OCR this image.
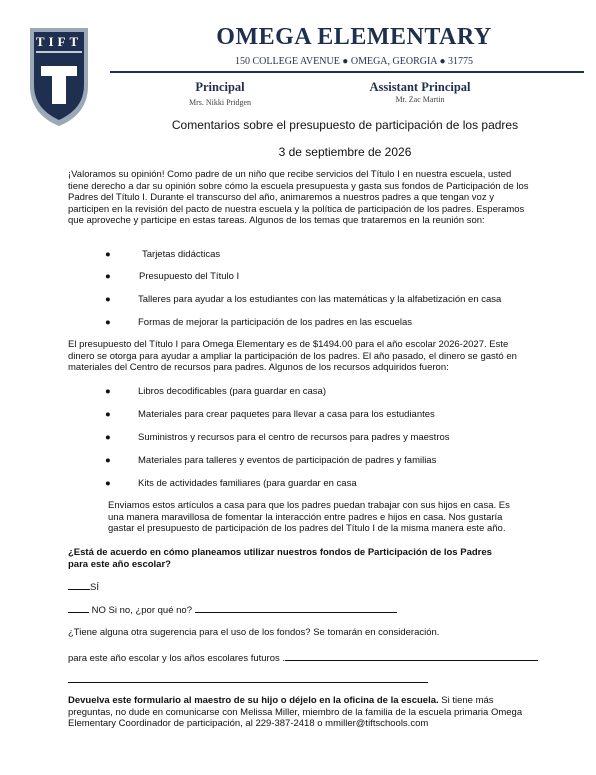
TIFT	OMEGA ELEMENTARY
150 COLLEGE AVENUE ● OMEGA, GEORGIA ● 31775
Principal
Mrs. Nikki Pridgen
Assistant Principal
Mr. Zac Martin
Comentarios sobre el presupuesto de participación de los padres
3 de septiembre de 2026
¡Valoramos su opinión! Como padre de un niño que recibe servicios del Título I en nuestra escuela, usted tiene derecho a dar su opinión sobre cómo la escuela presupuesta y gasta sus fondos de Participación de los Padres del Título I. Durante el transcurso del año, animaremos a nuestros padres a que tengan voz y participen en la revisión del pacto de nuestra escuela y la política de participación de los padres. Esperamos que aproveche y participe en estas tareas. Algunos de los temas que trataremos en la reunión son:
●	Tarjetas didácticas
●	Presupuesto del Título I
●	Talleres para ayudar a los estudiantes con las matemáticas y la alfabetización en casa
●	Formas de mejorar la participación de los padres en las escuelas
El presupuesto del Título I para Omega Elementary es de $1494.00 para el año escolar 2026-2027. Este dinero se otorga para ayudar a ampliar la participación de los padres. El año pasado, el dinero se gastó en materiales del Centro de recursos para padres. Algunos de los recursos adquiridos fueron:
●	Libros decodificables (para guardar en casa)
●	Materiales para crear paquetes para llevar a casa para los estudiantes
●	Suministros y recursos para el centro de recursos para padres y maestros
●	Materiales para talleres y eventos de participación de padres y familias
●	Kits de actividades familiares (para guardar en casa
Enviamos estos artículos a casa para que los padres puedan trabajar con sus hijos en casa. Es una manera maravillosa de fomentar la interacción entre padres e hijos en casa. Nos gustaría gastar el presupuesto de participación de los padres del Título I de la misma manera este año.
¿Está de acuerdo en cómo planeamos utilizar nuestros fondos de Participación de los Padres para este año escolar?
SÍ
NO Si no, ¿por qué no?
¿Tiene alguna otra sugerencia para el uso de los fondos? Se tomarán en consideración.
para este año escolar y los años escolares futuros .
Devuelva este formulario al maestro de su hijo o déjelo en la oficina de la escuela. Si tiene más preguntas, no dude en comunicarse con Melissa Miller, miembro de la familia de la escuela primaria Omega Elementary Coordinador de participación, al 229-387-2418 o mmiller@tiftschools.com
